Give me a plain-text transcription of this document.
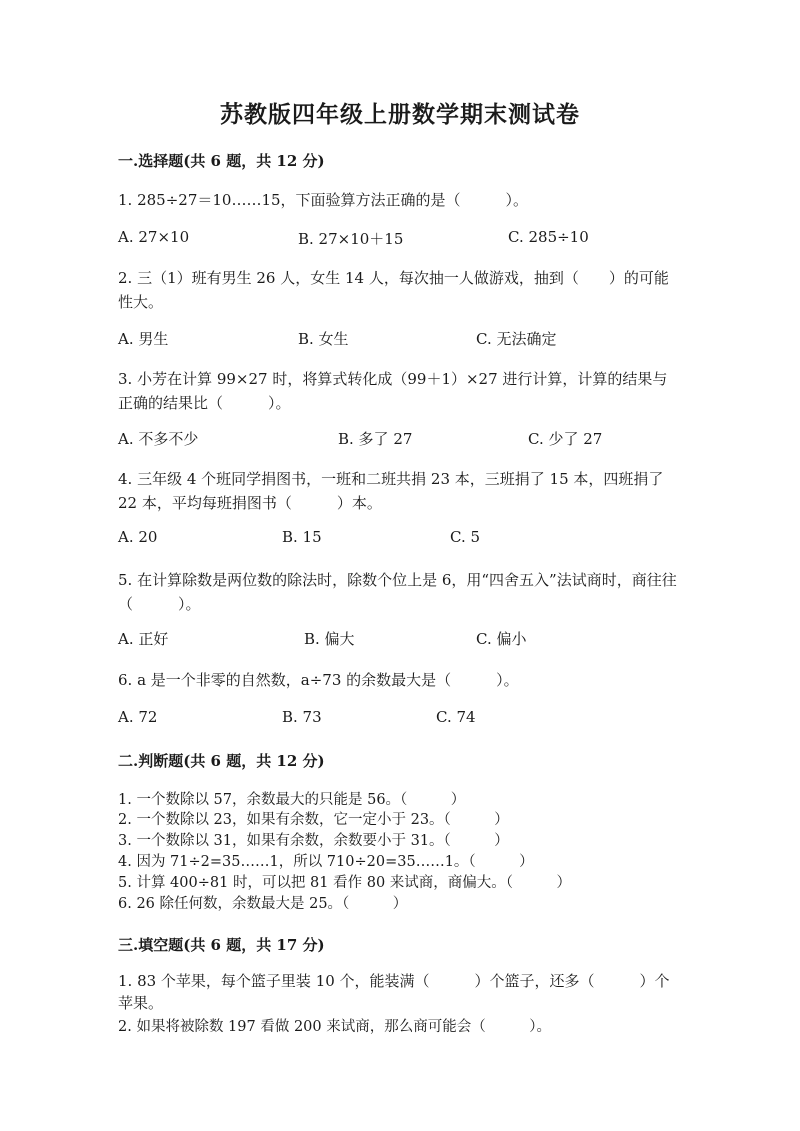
苏教版四年级上册数学期末测试卷
一.选择题(共 6 题，共 12 分)
1. 285÷27＝10……15，下面验算方法正确的是（　　　）。
A. 27×10	B. 27×10＋15	C. 285÷10
2. 三（1）班有男生 26 人，女生 14 人，每次抽一人做游戏，抽到（　　）的可能性大。
A. 男生	B. 女生	C. 无法确定
3. 小芳在计算 99×27 时，将算式转化成（99＋1）×27 进行计算，计算的结果与正确的结果比（　　　）。
A. 不多不少	B. 多了 27	C. 少了 27
4. 三年级 4 个班同学捐图书，一班和二班共捐 23 本，三班捐了 15 本，四班捐了 22 本，平均每班捐图书（　　　）本。
A. 20	B. 15	C. 5
5. 在计算除数是两位数的除法时，除数个位上是 6，用“四舍五入”法试商时，商往往（　　　）。
A. 正好	B. 偏大	C. 偏小
6. a 是一个非零的自然数，a÷73 的余数最大是（　　　）。
A. 72	B. 73	C. 74
二.判断题(共 6 题，共 12 分)
1. 一个数除以 57，余数最大的只能是 56。（　　　）
2. 一个数除以 23，如果有余数，它一定小于 23。（　　　）
3. 一个数除以 31，如果有余数，余数要小于 31。（　　　）
4. 因为 71÷2=35……1，所以 710÷20=35……1。（　　　）
5. 计算 400÷81 时，可以把 81 看作 80 来试商，商偏大。（　　　）
6. 26 除任何数，余数最大是 25。（　　　）
三.填空题(共 6 题，共 17 分)
1. 83 个苹果，每个篮子里装 10 个，能装满（　　　）个篮子，还多（　　　）个苹果。
2. 如果将被除数 197 看做 200 来试商，那么商可能会（　　　）。
